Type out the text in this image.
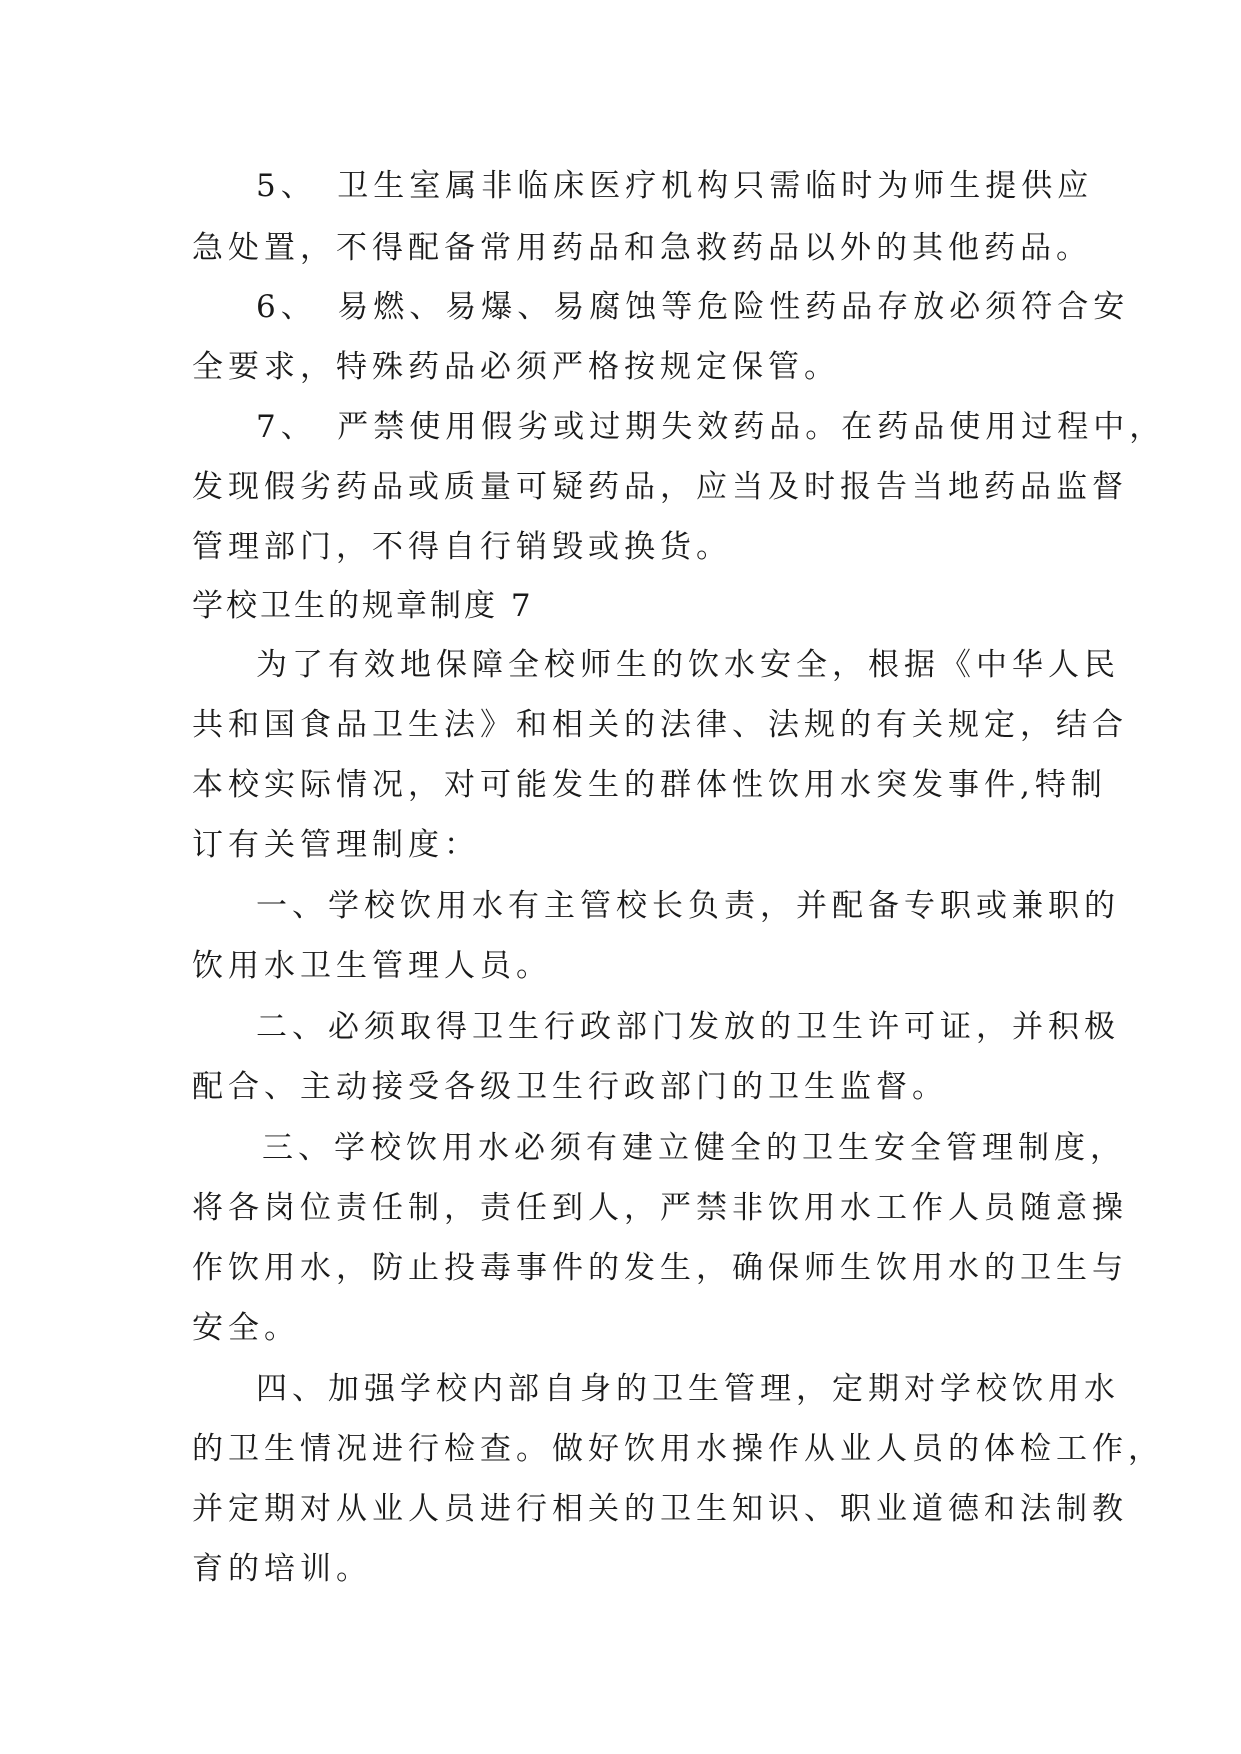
5、　卫生室属非临床医疗机构只需临时为师生提供应
急处置，不得配备常用药品和急救药品以外的其他药品。
6、　易燃、易爆、易腐蚀等危险性药品存放必须符合安
全要求，特殊药品必须严格按规定保管。
7、　严禁使用假劣或过期失效药品。在药品使用过程中，
发现假劣药品或质量可疑药品，应当及时报告当地药品监督
管理部门，不得自行销毁或换货。
学校卫生的规章制度 7
为了有效地保障全校师生的饮水安全，根据《中华人民
共和国食品卫生法》和相关的法律、法规的有关规定，结合
本校实际情况，对可能发生的群体性饮用水突发事件,特制
订有关管理制度：
一、学校饮用水有主管校长负责，并配备专职或兼职的
饮用水卫生管理人员。
二、必须取得卫生行政部门发放的卫生许可证，并积极
配合、主动接受各级卫生行政部门的卫生监督。
三、学校饮用水必须有建立健全的卫生安全管理制度，
将各岗位责任制，责任到人，严禁非饮用水工作人员随意操
作饮用水，防止投毒事件的发生，确保师生饮用水的卫生与
安全。
四、加强学校内部自身的卫生管理，定期对学校饮用水
的卫生情况进行检查。做好饮用水操作从业人员的体检工作，
并定期对从业人员进行相关的卫生知识、职业道德和法制教
育的培训。
